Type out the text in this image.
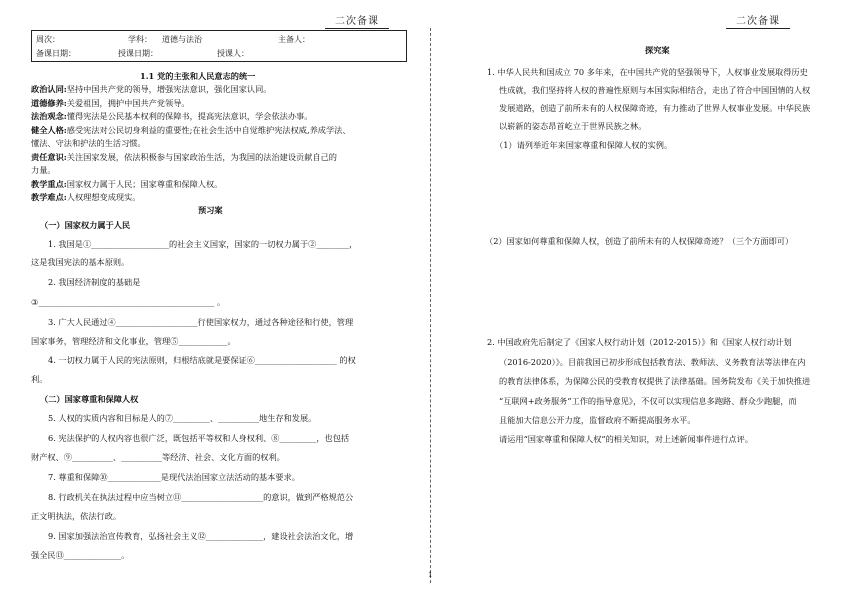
二次备课	二次备课
周次：	学科： 道德与法治	主备人：
备课日期：	授课日期：	授课人：
1.1 党的主张和人民意志的统一
政治认同:坚持中国共产党的领导，增强宪法意识，强化国家认同。
道德修养:关爱祖国，拥护中国共产党领导。
法治观念:懂得宪法是公民基本权利的保障书，提高宪法意识，学会依法办事。
健全人格:感受宪法对公民切身利益的重要性;在社会生活中自觉维护宪法权威,养成学法、
懂法、守法和护法的生活习惯。
责任意识:关注国家发展，依法积极参与国家政治生活，为我国的法治建设贡献自己的
力量。
教学重点:国家权力属于人民；国家尊重和保障人权。
教学难点:人权理想变成现实。
预习案
（一）国家权力属于人民
1. 我国是①___________________的社会主义国家，国家的一切权力属于②________，
这是我国宪法的基本原则。
2. 我国经济制度的基础是
③___________________________________________ 。
3. 广大人民通过④____________________行使国家权力，通过各种途径和行使，管理
国家事务，管理经济和文化事业，管理⑤____________。
4. 一切权力属于人民的宪法原则，归根结底就是要保证⑥____________________ 的权
利。
（二）国家尊重和保障人权
5. 人权的实质内容和目标是人的⑦_________、__________地生存和发展。
6. 宪法保护的人权内容也很广泛，既包括平等权和人身权利、⑧_________，也包括
财产权、⑨__________、__________等经济、社会、文化方面的权利。
7. 尊重和保障⑩_____________是现代法治国家立法活动的基本要求。
8. 行政机关在执法过程中应当树立⑪____________________的意识，做到严格规范公
正文明执法，依法行政。
9. 国家加强法治宣传教育，弘扬社会主义⑫______________，建设社会法治文化，增
强全民⑬______________。
探究案
1. 中华人民共和国成立 70 多年来，在中国共产党的坚强领导下，人权事业发展取得历史
性成就，我们坚持将人权的普遍性原则与本国实际相结合，走出了符合中国国情的人权
发展道路，创造了前所未有的人权保障奇迹，有力推动了世界人权事业发展。中华民族
以崭新的姿态昂首屹立于世界民族之林。
（1）请列举近年来国家尊重和保障人权的实例。
（2）国家如何尊重和保障人权，创造了前所未有的人权保障奇迹？（三个方面即可）
2. 中国政府先后制定了《国家人权行动计划（2012-2015）》和《国家人权行动计划
（2016-2020）》。目前我国已初步形成包括教育法、教师法、义务教育法等法律在内
的教育法律体系，为保障公民的受教育权提供了法律基础。国务院发布《关于加快推进
“互联网+政务服务”工作的指导意见》，不仅可以实现信息多跑路、群众少跑腿，而
且能加大信息公开力度，监督政府不断提高服务水平。
请运用“国家尊重和保障人权”的相关知识，对上述新闻事件进行点评。
1
